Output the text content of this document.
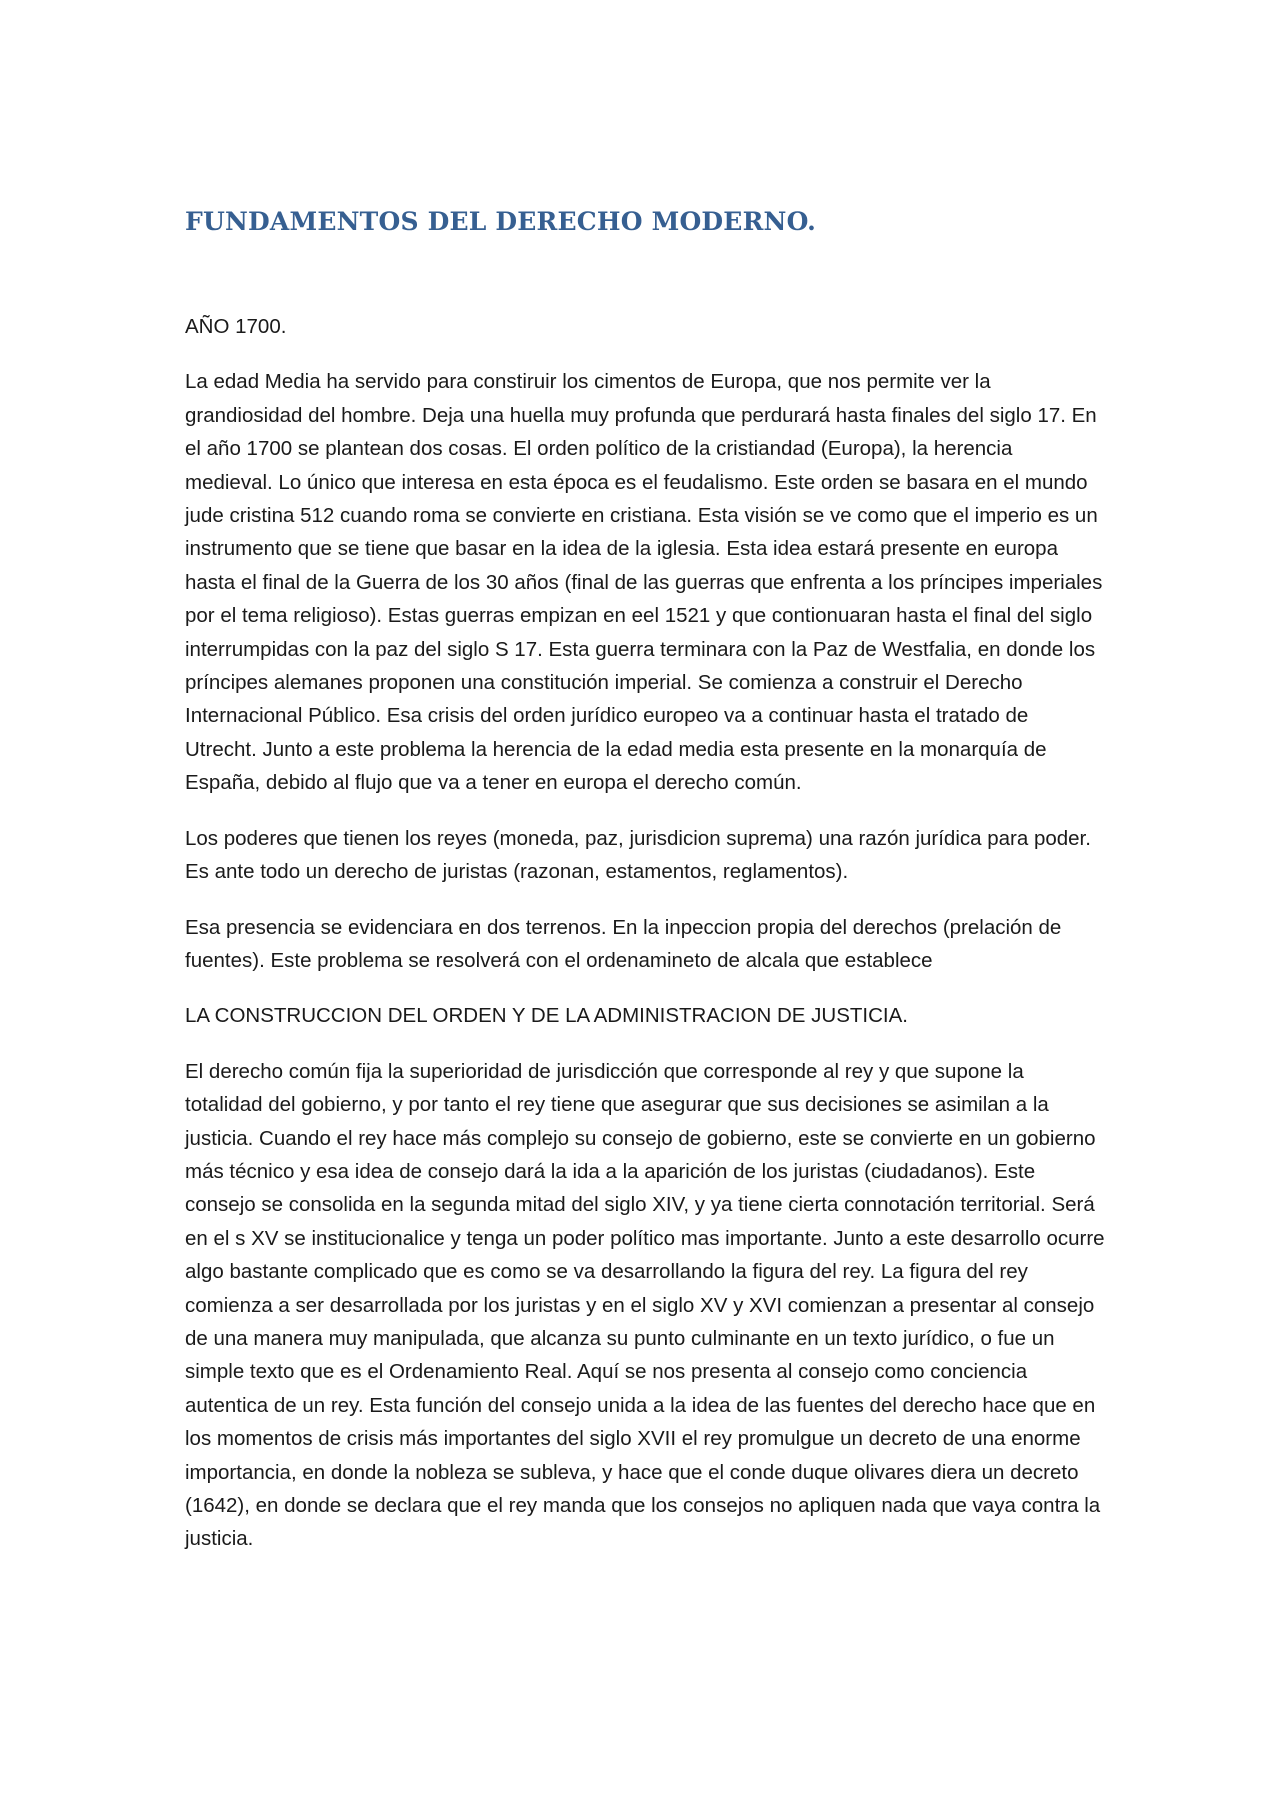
FUNDAMENTOS DEL DERECHO MODERNO.

AÑO 1700.

La edad Media ha servido para constiruir los cimentos de Europa, que nos permite ver la grandiosidad del hombre. Deja una huella muy profunda que perdurará hasta finales del siglo 17. En el año 1700 se plantean dos cosas. El orden político de la cristiandad (Europa), la herencia medieval. Lo único que interesa en esta época es el feudalismo. Este orden se basara en el mundo jude cristina 512 cuando roma se convierte en cristiana. Esta visión se ve como que el imperio es un instrumento que se tiene que basar en la idea de la iglesia. Esta idea estará presente en europa hasta el final de la Guerra de los 30 años (final de las guerras que enfrenta a los príncipes imperiales por el tema religioso). Estas guerras empizan en eel 1521 y que contionuaran hasta el final del siglo interrumpidas con la paz del siglo S 17. Esta guerra terminara con la Paz de Westfalia, en donde los príncipes alemanes proponen una constitución imperial. Se comienza a construir el Derecho Internacional Público. Esa crisis del orden jurídico europeo va a continuar hasta el tratado de Utrecht. Junto a este problema la herencia de la edad media esta presente en la monarquía de España, debido al flujo que va a tener en europa el derecho común.

Los poderes que tienen los reyes (moneda, paz, jurisdicion suprema) una razón jurídica para poder. Es ante todo un derecho de juristas (razonan, estamentos, reglamentos).

Esa presencia se evidenciara en dos terrenos. En la inpeccion propia del derechos (prelación de fuentes). Este problema se resolverá con el ordenamineto de alcala que establece

LA CONSTRUCCION DEL ORDEN Y DE LA ADMINISTRACION DE JUSTICIA.

El derecho común fija la superioridad de jurisdicción que corresponde al rey y que supone la totalidad del gobierno, y por tanto el rey tiene que asegurar que sus decisiones se asimilan a la justicia. Cuando el rey hace más complejo su consejo de gobierno, este se convierte en un gobierno más técnico y esa idea de consejo dará la ida a la aparición de los juristas (ciudadanos). Este consejo se consolida en la segunda mitad del siglo XIV, y ya tiene cierta connotación territorial. Será en el s XV se institucionalice y tenga un poder político mas importante. Junto a este desarrollo ocurre algo bastante complicado que es como se va desarrollando la figura del rey. La figura del rey comienza a ser desarrollada por los juristas y en el siglo XV y XVI comienzan a presentar al consejo de una manera muy manipulada, que alcanza su punto culminante en un texto jurídico, o fue un simple texto que es el Ordenamiento Real. Aquí se nos presenta al consejo como conciencia autentica de un rey. Esta función del consejo unida a la idea de las fuentes del derecho hace que en los momentos de crisis más importantes del siglo XVII el rey promulgue un decreto de una enorme importancia, en donde la nobleza se subleva, y hace que el conde duque olivares diera un decreto (1642), en donde se declara que el rey manda que los consejos no apliquen nada que vaya contra la justicia.
